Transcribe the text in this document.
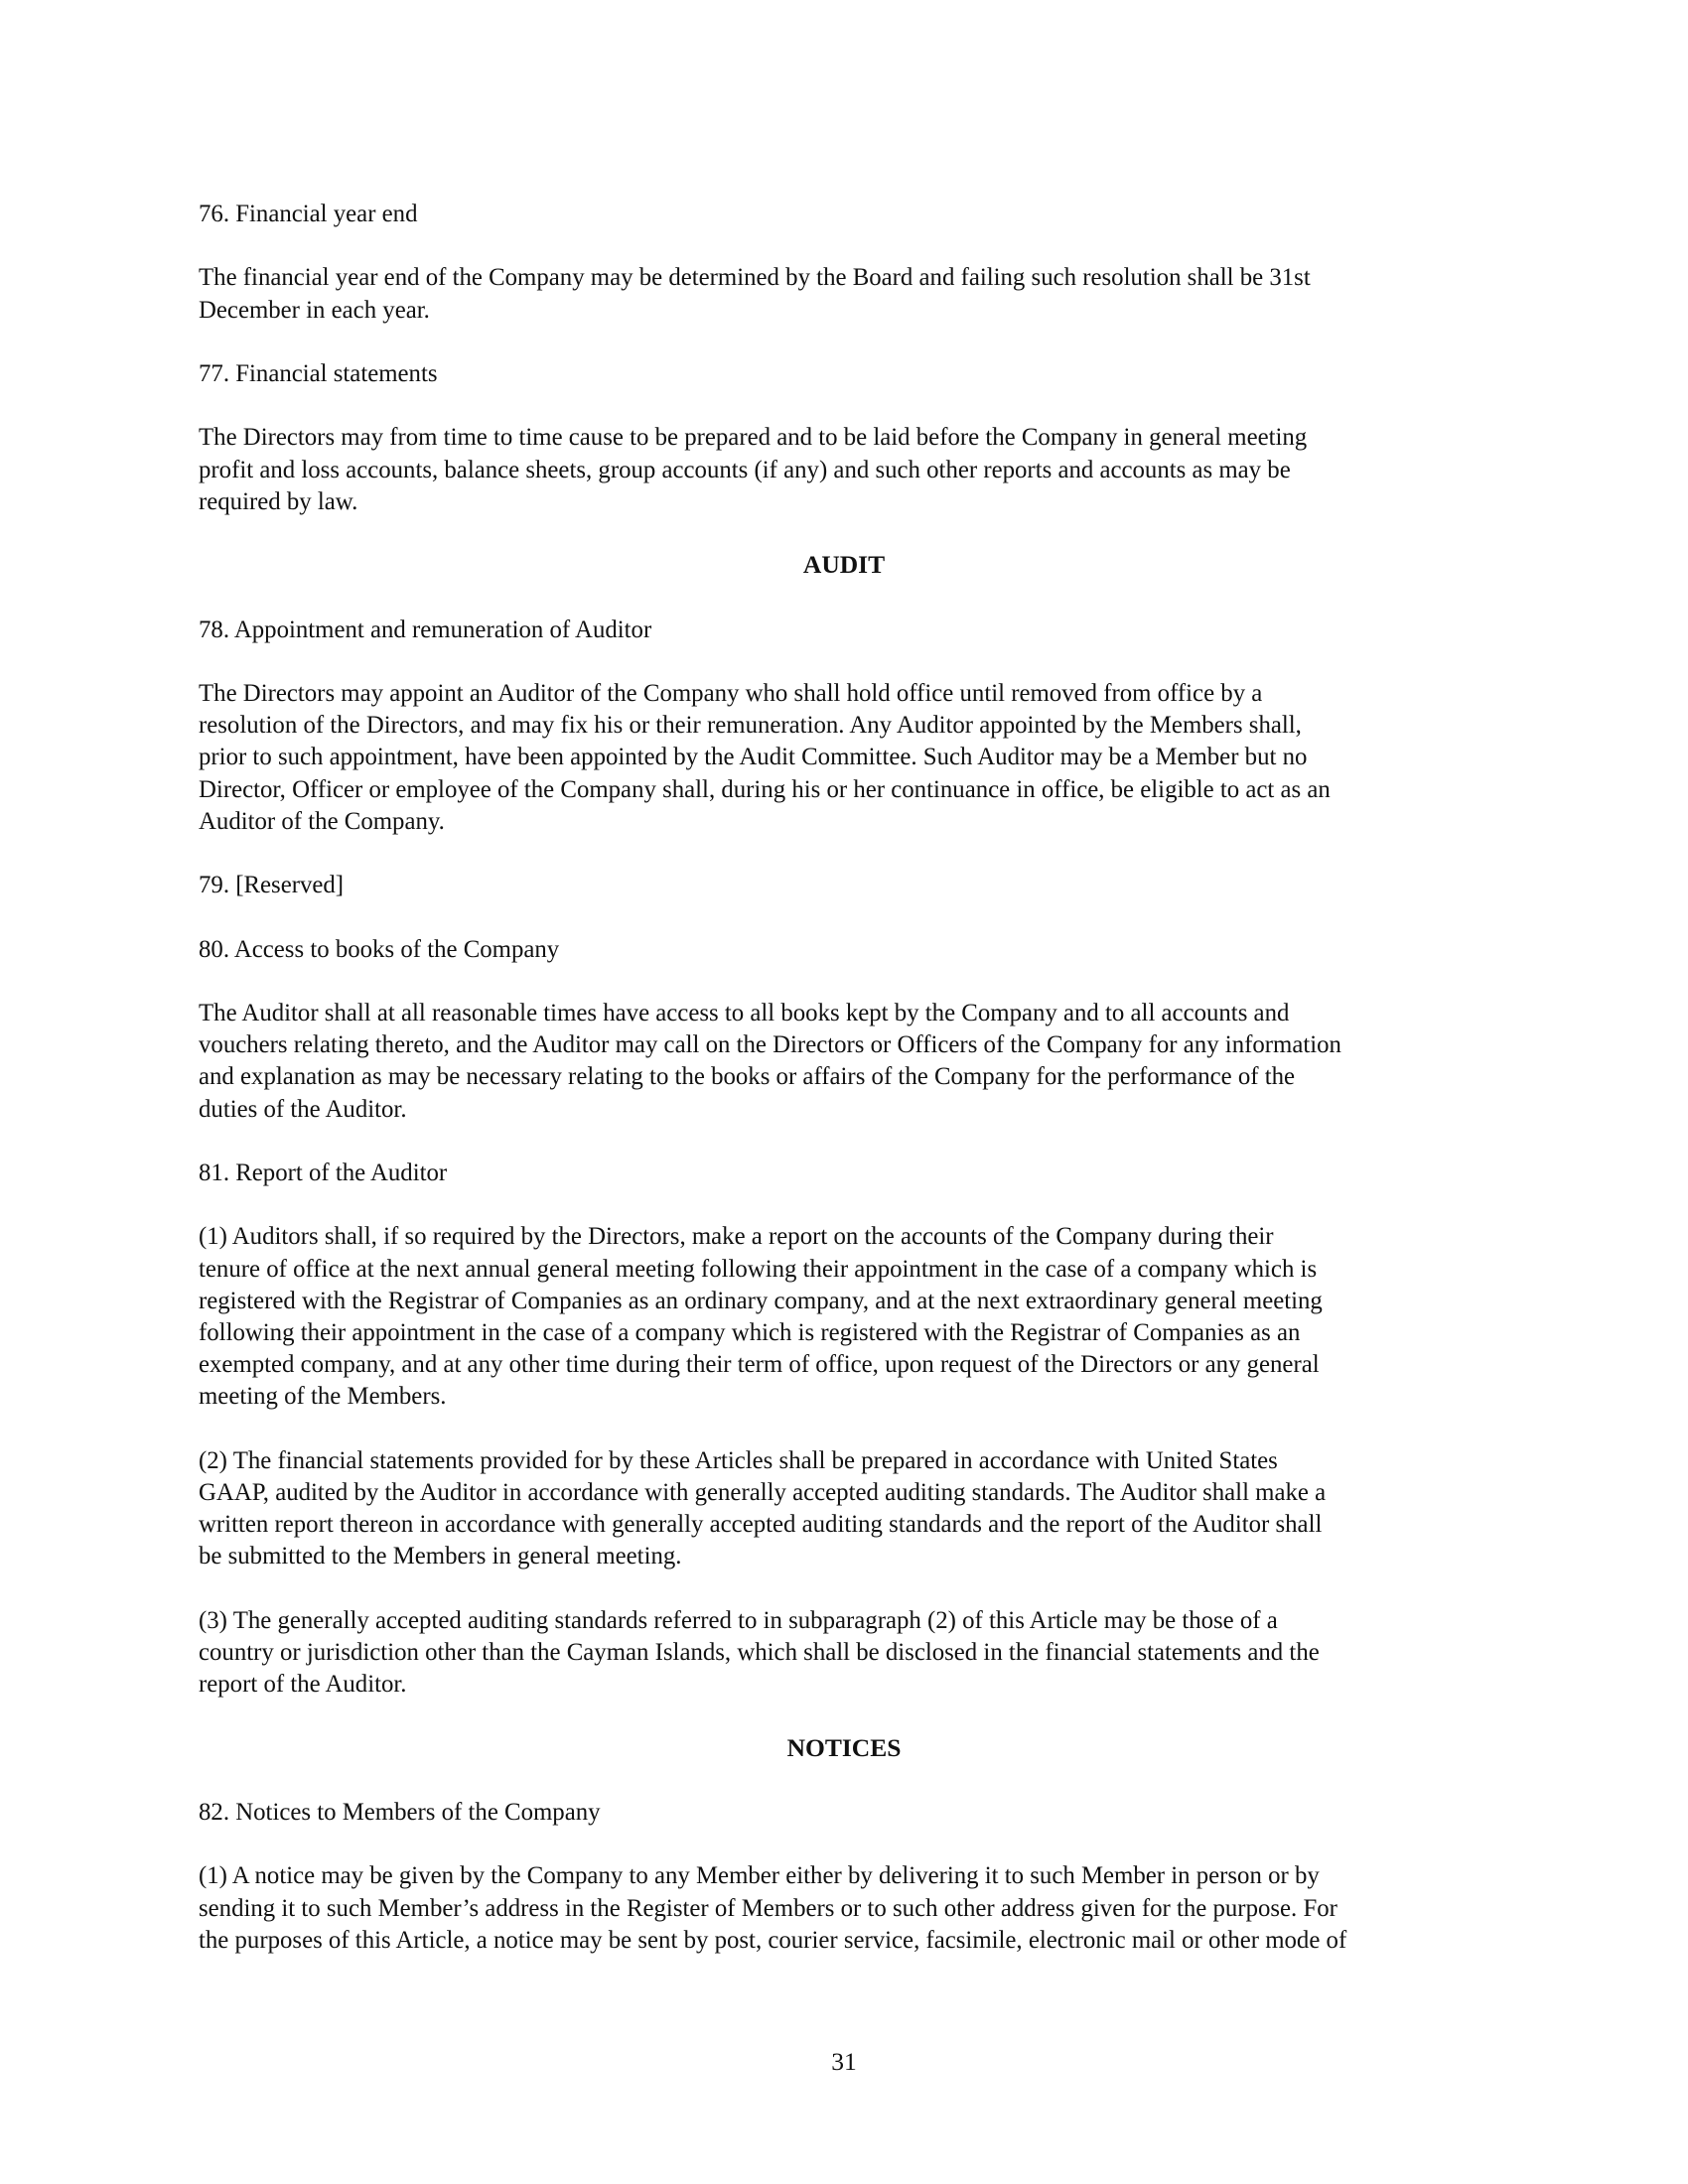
76. Financial year end
The financial year end of the Company may be determined by the Board and failing such resolution shall be 31st
December in each year.
77. Financial statements
The Directors may from time to time cause to be prepared and to be laid before the Company in general meeting
profit and loss accounts, balance sheets, group accounts (if any) and such other reports and accounts as may be
required by law.
AUDIT
78. Appointment and remuneration of Auditor
The Directors may appoint an Auditor of the Company who shall hold office until removed from office by a
resolution of the Directors, and may fix his or their remuneration. Any Auditor appointed by the Members shall,
prior to such appointment, have been appointed by the Audit Committee. Such Auditor may be a Member but no
Director, Officer or employee of the Company shall, during his or her continuance in office, be eligible to act as an
Auditor of the Company.
79. [Reserved]
80. Access to books of the Company
The Auditor shall at all reasonable times have access to all books kept by the Company and to all accounts and
vouchers relating thereto, and the Auditor may call on the Directors or Officers of the Company for any information
and explanation as may be necessary relating to the books or affairs of the Company for the performance of the
duties of the Auditor.
81. Report of the Auditor
(1) Auditors shall, if so required by the Directors, make a report on the accounts of the Company during their
tenure of office at the next annual general meeting following their appointment in the case of a company which is
registered with the Registrar of Companies as an ordinary company, and at the next extraordinary general meeting
following their appointment in the case of a company which is registered with the Registrar of Companies as an
exempted company, and at any other time during their term of office, upon request of the Directors or any general
meeting of the Members.
(2) The financial statements provided for by these Articles shall be prepared in accordance with United States
GAAP, audited by the Auditor in accordance with generally accepted auditing standards. The Auditor shall make a
written report thereon in accordance with generally accepted auditing standards and the report of the Auditor shall
be submitted to the Members in general meeting.
(3) The generally accepted auditing standards referred to in subparagraph (2) of this Article may be those of a
country or jurisdiction other than the Cayman Islands, which shall be disclosed in the financial statements and the
report of the Auditor.
NOTICES
82. Notices to Members of the Company
(1) A notice may be given by the Company to any Member either by delivering it to such Member in person or by
sending it to such Member’s address in the Register of Members or to such other address given for the purpose. For
the purposes of this Article, a notice may be sent by post, courier service, facsimile, electronic mail or other mode of
31
